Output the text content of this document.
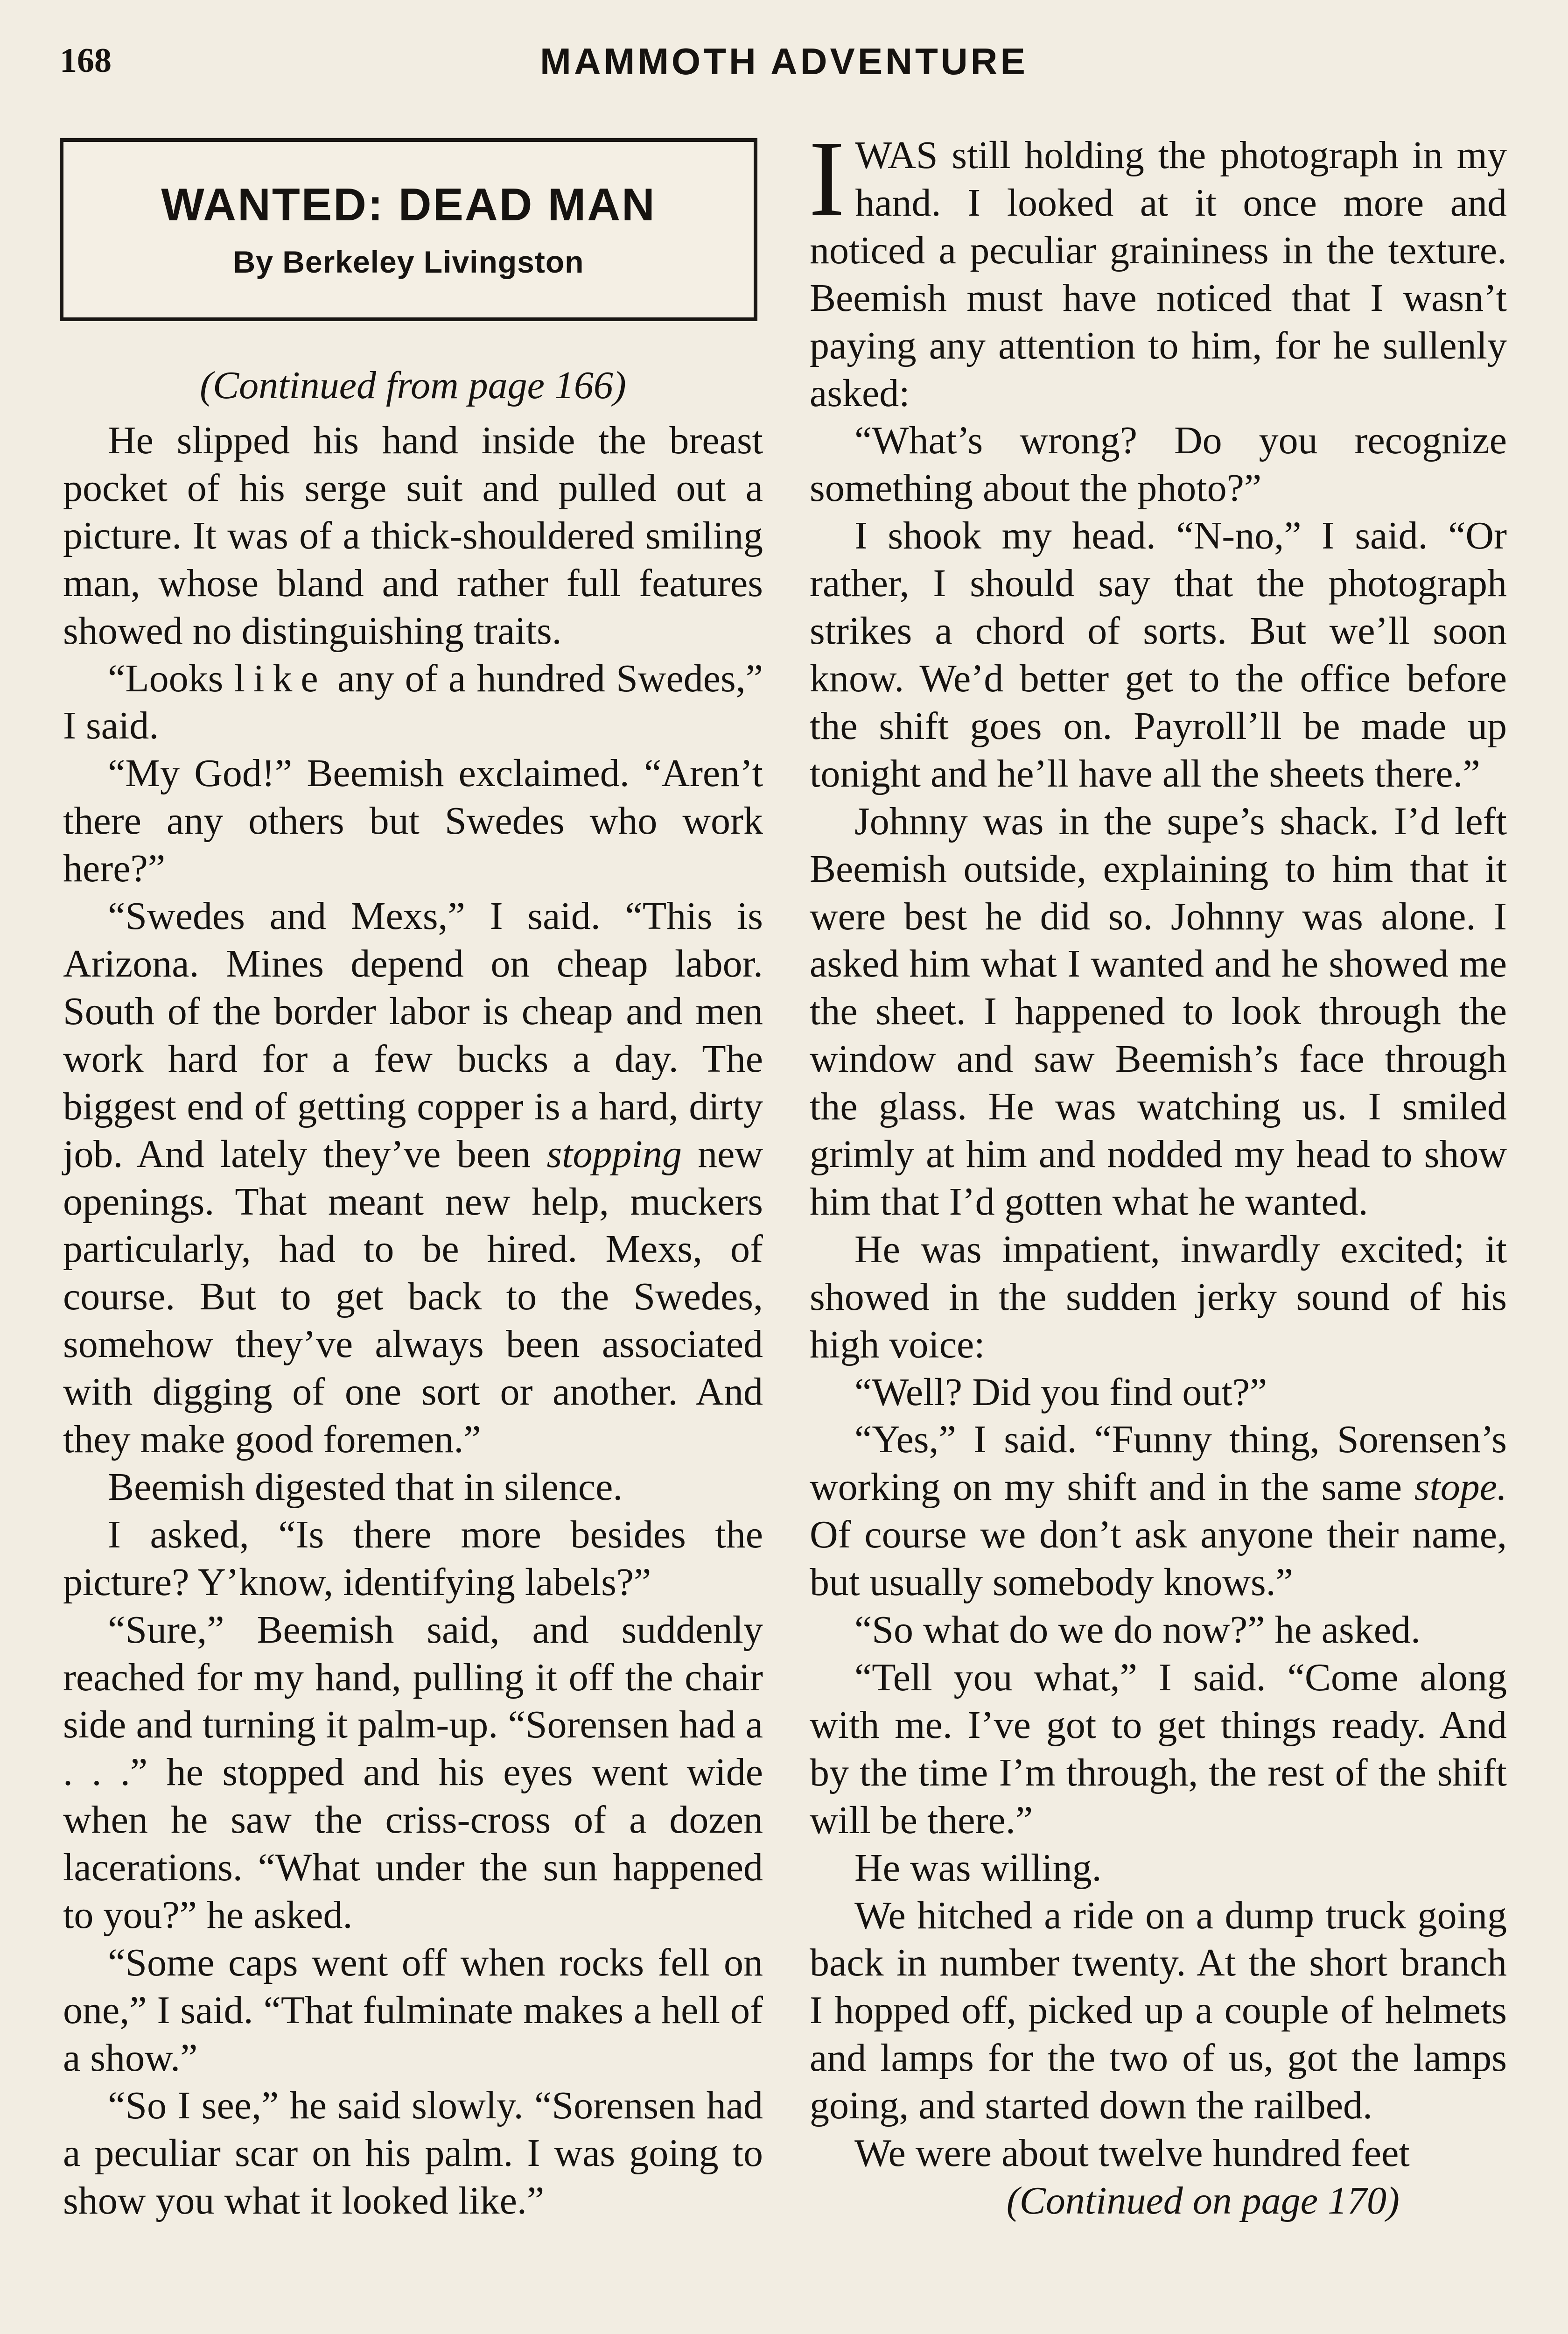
168	MAMMOTH ADVENTURE
WANTED: DEAD MAN
By Berkeley Livingston

(Continued from page 166)

He slipped his hand inside the breast pocket of his serge suit and pulled out a picture. It was of a thick-shouldered smiling man, whose bland and rather full features showed no distinguishing traits.

“Looks like any of a hundred Swedes,” I said.

“My God!” Beemish exclaimed. “Aren’t there any others but Swedes who work here?”

“Swedes and Mexs,” I said. “This is Arizona. Mines depend on cheap labor. South of the border labor is cheap and men work hard for a few bucks a day. The biggest end of getting copper is a hard, dirty job. And lately they’ve been stopping new openings. That meant new help, muckers particularly, had to be hired. Mexs, of course. But to get back to the Swedes, somehow they’ve always been associated with digging of one sort or another. And they make good foremen.”

Beemish digested that in silence.

I asked, “Is there more besides the picture? Y’know, identifying labels?”

“Sure,” Beemish said, and suddenly reached for my hand, pulling it off the chair side and turning it palm-up. “Sorensen had a . . .” he stopped and his eyes went wide when he saw the criss-cross of a dozen lacerations. “What under the sun happened to you?” he asked.

“Some caps went off when rocks fell on one,” I said. “That fulminate makes a hell of a show.”

“So I see,” he said slowly. “Sorensen had a peculiar scar on his palm. I was going to show you what it looked like.”

IWAS still holding the photograph in my hand. I looked at it once more and noticed a peculiar graininess in the texture. Beemish must have noticed that I wasn’t paying any attention to him, for he sullenly asked:

“What’s wrong? Do you recognize something about the photo?”

I shook my head. “N-no,” I said. “Or rather, I should say that the photograph strikes a chord of sorts. But we’ll soon know. We’d better get to the office before the shift goes on. Payroll’ll be made up tonight and he’ll have all the sheets there.”

Johnny was in the supe’s shack. I’d left Beemish outside, explaining to him that it were best he did so. Johnny was alone. I asked him what I wanted and he showed me the sheet. I happened to look through the window and saw Beemish’s face through the glass. He was watching us. I smiled grimly at him and nodded my head to show him that I’d gotten what he wanted.

He was impatient, inwardly excited; it showed in the sudden jerky sound of his high voice:

“Well? Did you find out?”

“Yes,” I said. “Funny thing, Sorensen’s working on my shift and in the same stope. Of course we don’t ask anyone their name, but usually somebody knows.”

“So what do we do now?” he asked.

“Tell you what,” I said. “Come along with me. I’ve got to get things ready. And by the time I’m through, the rest of the shift will be there.”

He was willing.

We hitched a ride on a dump truck going back in number twenty. At the short branch I hopped off, picked up a couple of helmets and lamps for the two of us, got the lamps going, and started down the railbed.

We were about twelve hundred feet

(Continued on page 170)
